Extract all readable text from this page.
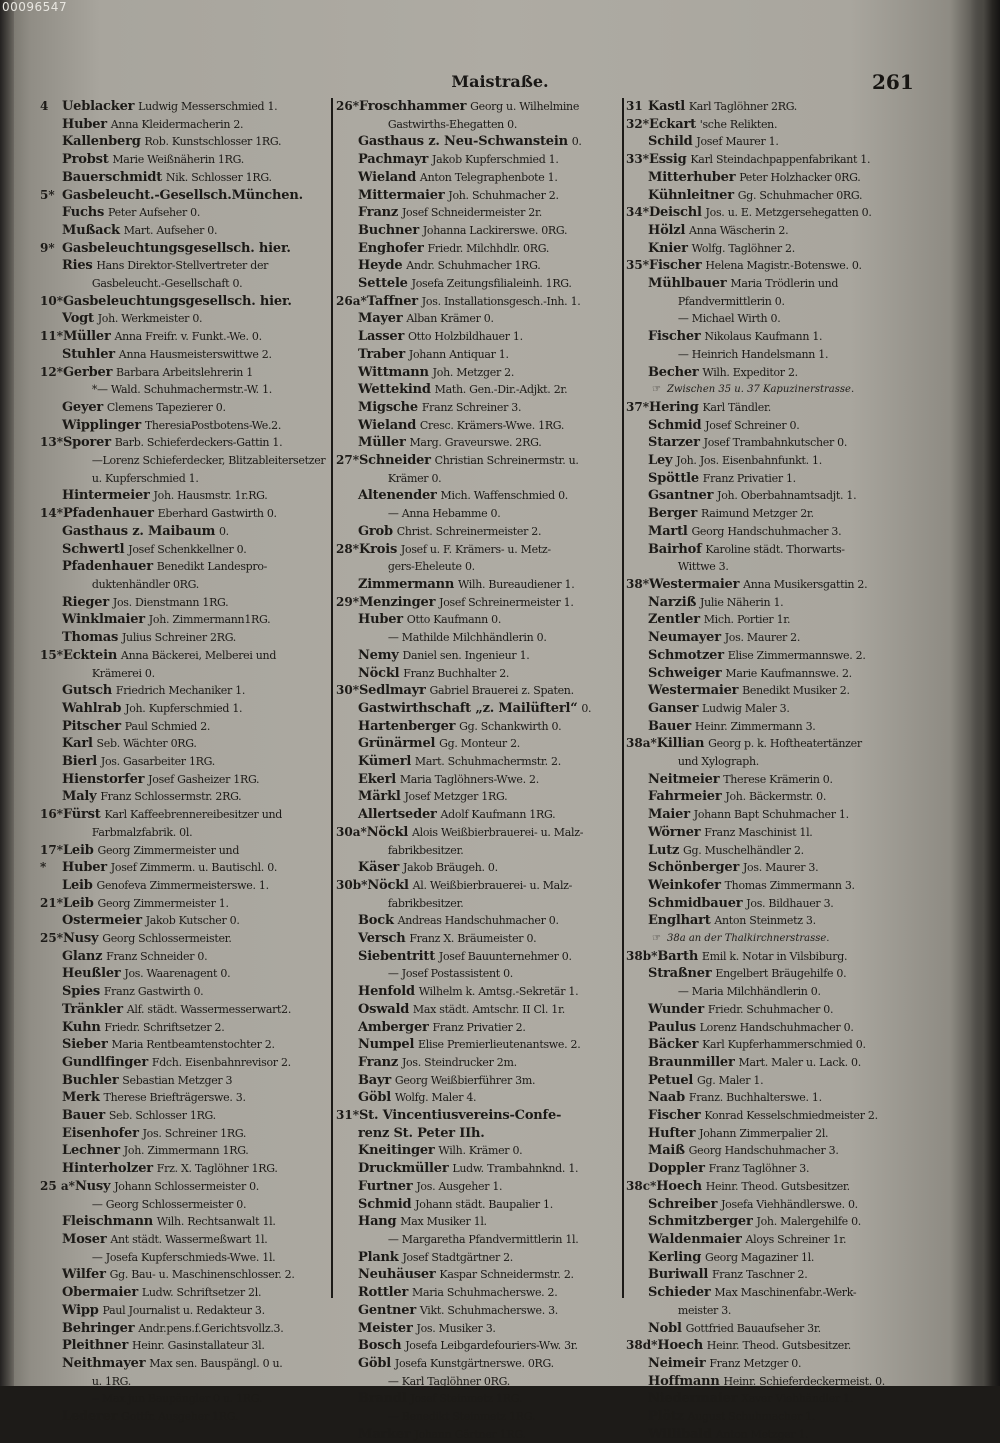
00096547
Maistraße.	261
4 Ueblacker Ludwig Messerschmied 1.
Huber Anna Kleidermacherin 2.
Kallenberg Rob. Kunstschlosser 1RG.
Probst Marie Weißnäherin 1RG.
Bauerschmidt Nik. Schlosser 1RG.
5* Gasbeleucht.-Gesellsch.München.
Fuchs Peter Aufseher 0.
Mußack Mart. Aufseher 0.
9* Gasbeleuchtungsgesellsch. hier.
Ries Hans Direktor-Stellvertreter der
Gasbeleucht.-Gesellschaft 0.
10*Gasbeleuchtungsgesellsch. hier.
Vogt Joh. Werkmeister 0.
11*Müller Anna Freifr. v. Funkt.-We. 0.
Stuhler Anna Hausmeisterswittwe 2.
12*Gerber Barbara Arbeitslehrerin 1
*— Wald. Schuhmachermstr.-W. 1.
Geyer Clemens Tapezierer 0.
Wipplinger TheresiaPostbotens-We.2.
13*Sporer Barb. Schieferdeckers-Gattin 1.
—Lorenz Schieferdecker, Blitzableitersetzer
u. Kupferschmied 1.
Hintermeier Joh. Hausmstr. 1r.RG.
14*Pfadenhauer Eberhard Gastwirth 0.
Gasthaus z. Maibaum 0.
Schwertl Josef Schenkkellner 0.
Pfadenhauer Benedikt Landespro-
duktenhändler 0RG.
Rieger Jos. Dienstmann 1RG.
Winklmaier Joh. Zimmermann1RG.
Thomas Julius Schreiner 2RG.
15*Ecktein Anna Bäckerei, Melberei und
Krämerei 0.
Gutsch Friedrich Mechaniker 1.
Wahlrab Joh. Kupferschmied 1.
Pitscher Paul Schmied 2.
Karl Seb. Wächter 0RG.
Bierl Jos. Gasarbeiter 1RG.
Hienstorfer Josef Gasheizer 1RG.
Maly Franz Schlossermstr. 2RG.
16*Fürst Karl Kaffeebrennereibesitzer und
Farbmalzfabrik. 0l.
17*Leib Georg Zimmermeister und
* Huber Josef Zimmerm. u. Bautischl. 0.
Leib Genofeva Zimmermeisterswe. 1.
21*Leib Georg Zimmermeister 1.
Ostermeier Jakob Kutscher 0.
25*Nusy Georg Schlossermeister.
Glanz Franz Schneider 0.
Heußler Jos. Waarenagent 0.
Spies Franz Gastwirth 0.
Tränkler Alf. städt. Wassermesserwart2.
Kuhn Friedr. Schriftsetzer 2.
Sieber Maria Rentbeamtenstochter 2.
Gundlfinger Fdch. Eisenbahnrevisor 2.
Buchler Sebastian Metzger 3
Merk Therese Briefträgerswe. 3.
Bauer Seb. Schlosser 1RG.
Eisenhofer Jos. Schreiner 1RG.
Lechner Joh. Zimmermann 1RG.
Hinterholzer Frz. X. Taglöhner 1RG.
25 a*Nusy Johann Schlossermeister 0.
— Georg Schlossermeister 0.
Fleischmann Wilh. Rechtsanwalt 1l.
Moser Ant städt. Wassermeßwart 1l.
— Josefa Kupferschmieds-Wwe. 1l.
Wilfer Gg. Bau- u. Maschinenschlosser. 2.
Obermaier Ludw. Schriftsetzer 2l.
Wipp Paul Journalist u. Redakteur 3.
Behringer Andr.pens.f.Gerichtsvollz.3.
Pleithner Heinr. Gasinstallateur 3l.
Neithmayer Max sen. Bauspängl. 0 u.
u. 1RG.
-- Max jun Baupängler 0 u. 1RG.
Lederer Gottfr. Ausgeher 1RG.
26*Froschhammer Georg u. Wilhelmine
Gastwirths-Ehegatten 0.
Gasthaus z. Neu-Schwanstein 0.
Pachmayr Jakob Kupferschmied 1.
Wieland Anton Telegraphenbote 1.
Mittermaier Joh. Schuhmacher 2.
Franz Josef Schneidermeister 2r.
Buchner Johanna Lackirerswe. 0RG.
Enghofer Friedr. Milchhdlr. 0RG.
Heyde Andr. Schuhmacher 1RG.
Settele Josefa Zeitungsfilialeinh. 1RG.
26a*Taffner Jos. Installationsgesch.-Inh. 1.
Mayer Alban Krämer 0.
Lasser Otto Holzbildhauer 1.
Traber Johann Antiquar 1.
Wittmann Joh. Metzger 2.
Wettekind Math. Gen.-Dir.-Adjkt. 2r.
Migsche Franz Schreiner 3.
Wieland Cresc. Krämers-Wwe. 1RG.
Müller Marg. Graveurswe. 2RG.
27*Schneider Christian Schreinermstr. u.
Krämer 0.
Altenender Mich. Waffenschmied 0.
— Anna Hebamme 0.
Grob Christ. Schreinermeister 2.
28*Krois Josef u. F. Krämers- u. Metz-
gers-Eheleute 0.
Zimmermann Wilh. Bureaudiener 1.
29*Menzinger Josef Schreinermeister 1.
Huber Otto Kaufmann 0.
— Mathilde Milchhändlerin 0.
Nemy Daniel sen. Ingenieur 1.
Nöckl Franz Buchhalter 2.
30*Sedlmayr Gabriel Brauerei z. Spaten.
Gastwirthschaft „z. Mailüfterl“ 0.
Hartenberger Gg. Schankwirth 0.
Grünärmel Gg. Monteur 2.
Kümerl Mart. Schuhmachermstr. 2.
Ekerl Maria Taglöhners-Wwe. 2.
Märkl Josef Metzger 1RG.
Allertseder Adolf Kaufmann 1RG.
30a*Nöckl Alois Weißbierbrauerei- u. Malz-
fabrikbesitzer.
Käser Jakob Bräugeh. 0.
30b*Nöckl Al. Weißbierbrauerei- u. Malz-
fabrikbesitzer.
Bock Andreas Handschuhmacher 0.
Versch Franz X. Bräumeister 0.
Siebentritt Josef Bauunternehmer 0.
— Josef Postassistent 0.
Henfold Wilhelm k. Amtsg.-Sekretär 1.
Oswald Max städt. Amtschr. II Cl. 1r.
Amberger Franz Privatier 2.
Numpel Elise Premierlieutenantswe. 2.
Franz Jos. Steindrucker 2m.
Bayr Georg Weißbierführer 3m.
Göbl Wolfg. Maler 4.
31*St. Vincentiusvereins-Confe-
renz St. Peter IIh.
Kneitinger Wilh. Krämer 0.
Druckmüller Ludw. Trambahnknd. 1.
Furtner Jos. Ausgeher 1.
Schmid Johann städt. Baupalier 1.
Hang Max Musiker 1l.
— Margaretha Pfandvermittlerin 1l.
Plank Josef Stadtgärtner 2.
Neuhäuser Kaspar Schneidermstr. 2.
Rottler Maria Schuhmacherswe. 2.
Gentner Vikt. Schuhmacherswe. 3.
Meister Jos. Musiker 3.
Bosch Josefa Leibgardefouriers-Ww. 3r.
Göbl Josefa Kunstgärtnerswe. 0RG.
— Karl Taglöhner 0RG.
Brandl Josef Steinmetz 1RG.
— Benedikt Steinmetz 1RG.
Marker Johann Gärtner 1RG.
31 Kastl Karl Taglöhner 2RG.
32*Eckart 'sche Relikten.
Schild Josef Maurer 1.
33*Essig Karl Steindachpappenfabrikant 1.
Mitterhuber Peter Holzhacker 0RG.
Kühnleitner Gg. Schuhmacher 0RG.
34*Deischl Jos. u. E. Metzgersehegatten 0.
Hölzl Anna Wäscherin 2.
Knier Wolfg. Taglöhner 2.
35*Fischer Helena Magistr.-Botenswe. 0.
Mühlbauer Maria Trödlerin und
Pfandvermittlerin 0.
— Michael Wirth 0.
Fischer Nikolaus Kaufmann 1.
— Heinrich Handelsmann 1.
Becher Wilh. Expeditor 2.
☞ Zwischen 35 u. 37 Kapuzinerstrasse.
37*Hering Karl Tändler.
Schmid Josef Schreiner 0.
Starzer Josef Trambahnkutscher 0.
Ley Joh. Jos. Eisenbahnfunkt. 1.
Spöttle Franz Privatier 1.
Gsantner Joh. Oberbahnamtsadjt. 1.
Berger Raimund Metzger 2r.
Martl Georg Handschuhmacher 3.
Bairhof Karoline städt. Thorwarts-
Wittwe 3.
38*Westermaier Anna Musikersgattin 2.
Narziß Julie Näherin 1.
Zentler Mich. Portier 1r.
Neumayer Jos. Maurer 2.
Schmotzer Elise Zimmermannswe. 2.
Schweiger Marie Kaufmannswe. 2.
Westermaier Benedikt Musiker 2.
Ganser Ludwig Maler 3.
Bauer Heinr. Zimmermann 3.
38a*Killian Georg p. k. Hoftheatertänzer
und Xylograph.
Neitmeier Therese Krämerin 0.
Fahrmeier Joh. Bäckermstr. 0.
Maier Johann Bapt Schuhmacher 1.
Wörner Franz Maschinist 1l.
Lutz Gg. Muschelhändler 2.
Schönberger Jos. Maurer 3.
Weinkofer Thomas Zimmermann 3.
Schmidbauer Jos. Bildhauer 3.
Englhart Anton Steinmetz 3.
☞ 38a an der Thalkirchnerstrasse.
38b*Barth Emil k. Notar in Vilsbiburg.
Straßner Engelbert Bräugehilfe 0.
— Maria Milchhändlerin 0.
Wunder Friedr. Schuhmacher 0.
Paulus Lorenz Handschuhmacher 0.
Bäcker Karl Kupferhammerschmied 0.
Braunmiller Mart. Maler u. Lack. 0.
Petuel Gg. Maler 1.
Naab Franz. Buchhalterswe. 1.
Fischer Konrad Kesselschmiedmeister 2.
Hufter Johann Zimmerpalier 2l.
Maiß Georg Handschuhmacher 3.
Doppler Franz Taglöhner 3.
38c*Hoech Heinr. Theod. Gutsbesitzer.
Schreiber Josefa Viehhändlerswe. 0.
Schmitzberger Joh. Malergehilfe 0.
Waldenmaier Aloys Schreiner 1r.
Kerling Georg Magaziner 1l.
Buriwall Franz Taschner 2.
Schieder Max Maschinenfabr.-Werk-
meister 3.
Nobl Gottfried Bauaufseher 3r.
38d*Hoech Heinr. Theod. Gutsbesitzer.
Neimeir Franz Metzger 0.
Hoffmann Heinr. Schieferdeckermeist. 0.
Niedermaier Xaver Viehhändler 1.
Plötz August Schuhmacher 1.
Willibald Anton Metzger 1.
